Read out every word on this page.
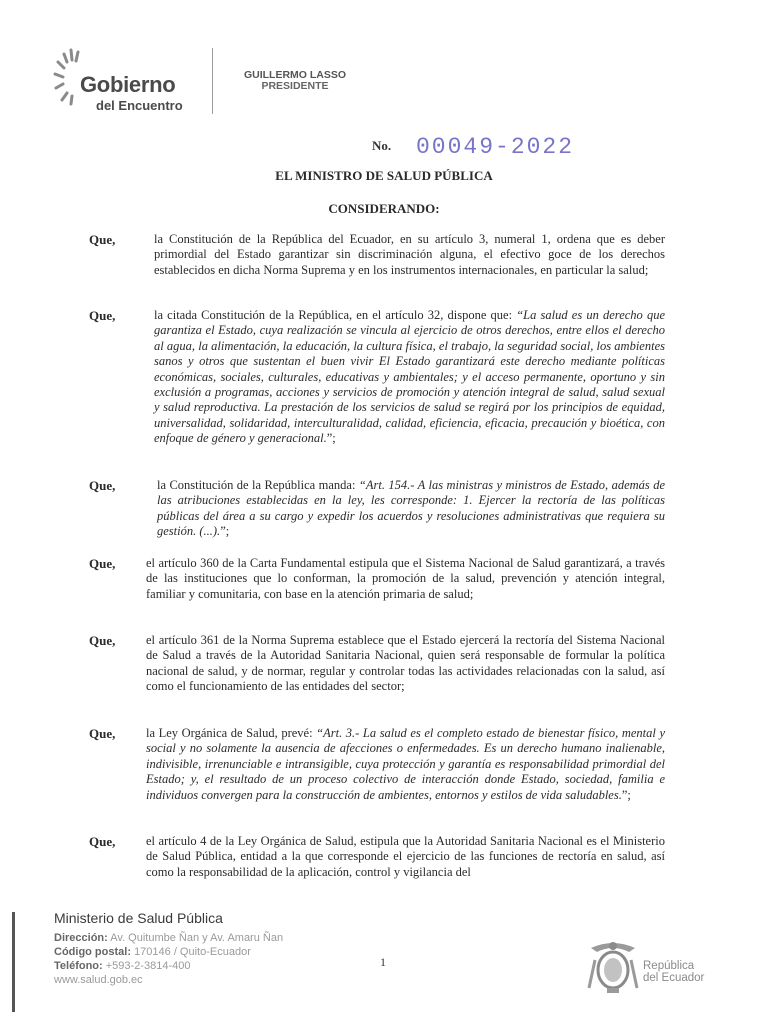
Gobierno
del Encuentro
GUILLERMO LASSO
PRESIDENTE
No. 00049-2022
EL MINISTRO DE SALUD PÚBLICA
CONSIDERANDO:
Que,	la Constitución de la República del Ecuador, en su artículo 3, numeral 1, ordena que es deber primordial del Estado garantizar sin discriminación alguna, el efectivo goce de los derechos establecidos en dicha Norma Suprema y en los instrumentos internacionales, en particular la salud;
Que,	la citada Constitución de la República, en el artículo 32, dispone que: “La salud es un derecho que garantiza el Estado, cuya realización se vincula al ejercicio de otros derechos, entre ellos el derecho al agua, la alimentación, la educación, la cultura física, el trabajo, la seguridad social, los ambientes sanos y otros que sustentan el buen vivir El Estado garantizará este derecho mediante políticas económicas, sociales, culturales, educativas y ambientales; y el acceso permanente, oportuno y sin exclusión a programas, acciones y servicios de promoción y atención integral de salud, salud sexual y salud reproductiva. La prestación de los servicios de salud se regirá por los principios de equidad, universalidad, solidaridad, interculturalidad, calidad, eficiencia, eficacia, precaución y bioética, con enfoque de género y generacional.”;
Que,	la Constitución de la República manda: “Art. 154.- A las ministras y ministros de Estado, además de las atribuciones establecidas en la ley, les corresponde: 1. Ejercer la rectoría de las políticas públicas del área a su cargo y expedir los acuerdos y resoluciones administrativas que requiera su gestión. (...).”;
Que, el artículo 360 de la Carta Fundamental estipula que el Sistema Nacional de Salud garantizará, a través de las instituciones que lo conforman, la promoción de la salud, prevención y atención integral, familiar y comunitaria, con base en la atención primaria de salud;
Que, el artículo 361 de la Norma Suprema establece que el Estado ejercerá la rectoría del Sistema Nacional de Salud a través de la Autoridad Sanitaria Nacional, quien será responsable de formular la política nacional de salud, y de normar, regular y controlar todas las actividades relacionadas con la salud, así como el funcionamiento de las entidades del sector;
Que, la Ley Orgánica de Salud, prevé: “Art. 3.- La salud es el completo estado de bienestar físico, mental y social y no solamente la ausencia de afecciones o enfermedades. Es un derecho humano inalienable, indivisible, irrenunciable e intransigible, cuya protección y garantía es responsabilidad primordial del Estado; y, el resultado de un proceso colectivo de interacción donde Estado, sociedad, familia e individuos convergen para la construcción de ambientes, entornos y estilos de vida saludables.”;
Que, el artículo 4 de la Ley Orgánica de Salud, estipula que la Autoridad Sanitaria Nacional es el Ministerio de Salud Pública, entidad a la que corresponde el ejercicio de las funciones de rectoría en salud, así como la responsabilidad de la aplicación, control y vigilancia del
Ministerio de Salud Pública
Dirección: Av. Quitumbe Ñan y Av. Amaru Ñan
Código postal: 170146 / Quito-Ecuador
Teléfono: +593-2-3814-400
www.salud.gob.ec
1	República
del Ecuador
